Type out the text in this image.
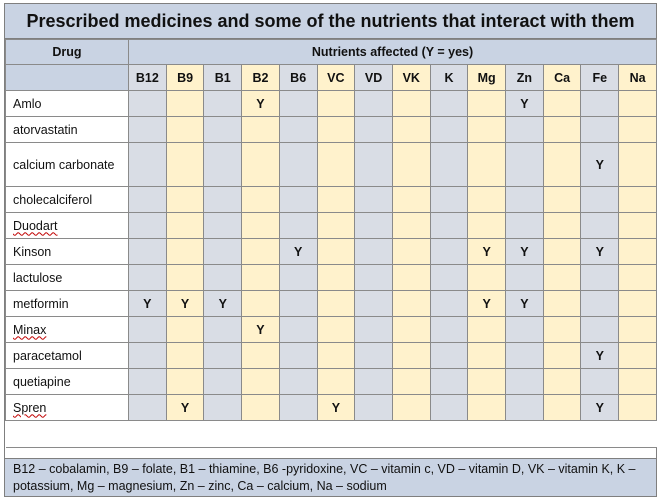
Prescribed medicines and some of the nutrients that interact with them
Drug	Nutrients affected (Y = yes)													
	B12	B9	B1	B2	B6	VC	VD	VK	K	Mg	Zn	Ca	Fe	Na
Amlo				Y							Y			
atorvastatin														
calcium carbonate													Y	
cholecalciferol														
Duodart														
Kinson					Y					Y	Y		Y	
lactulose														
metformin	Y	Y	Y							Y	Y			
Minax				Y										
paracetamol													Y	
quetiapine														
Spren		Y				Y							Y	

B12 – cobalamin, B9 – folate, B1 – thiamine, B6 -pyridoxine, VC – vitamin c, VD – vitamin D, VK – vitamin K, K – potassium, Mg – magnesium, Zn – zinc, Ca – calcium, Na – sodium
